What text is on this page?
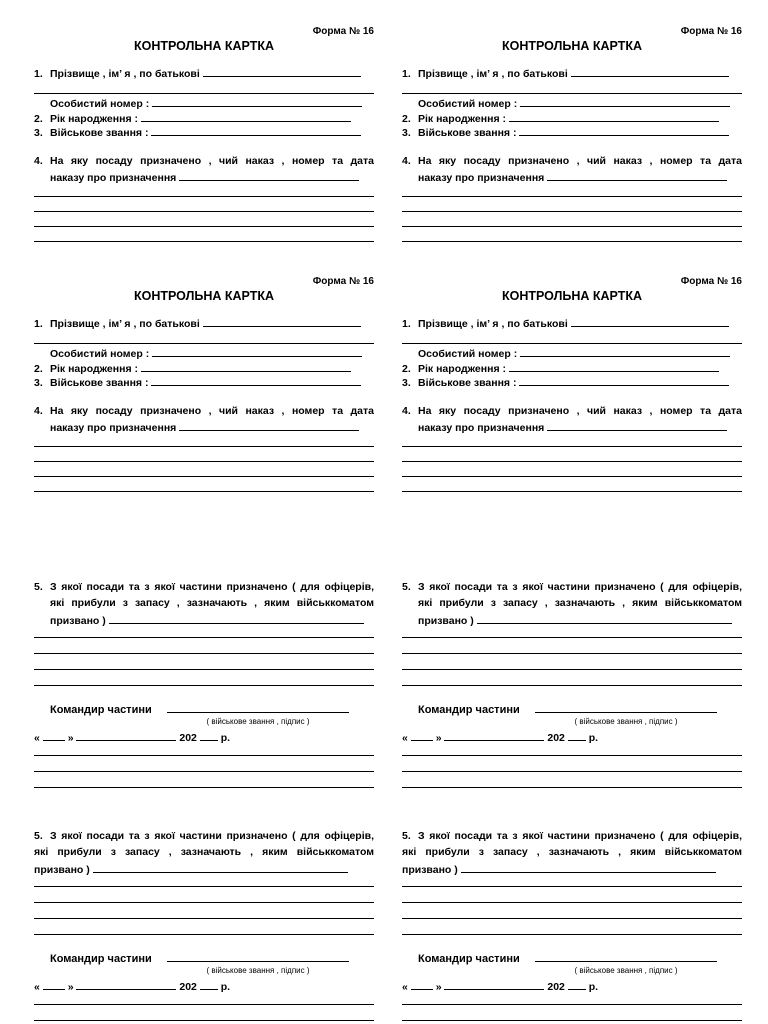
Форма № 16
КОНТРОЛЬНА КАРТКА
1. Прізвище , ім’ я , по батькові
Особистий номер :
2. Рік народження :
3. Військове звання :
4. На яку посаду призначено , чий наказ , номер та дата
наказу про призначення
Форма № 16
КОНТРОЛЬНА КАРТКА
1. Прізвище , ім’ я , по батькові
Особистий номер :
2. Рік народження :
3. Військове звання :
4. На яку посаду призначено , чий наказ , номер та дата
наказу про призначення
Форма № 16
КОНТРОЛЬНА КАРТКА
1. Прізвище , ім’ я , по батькові
Особистий номер :
2. Рік народження :
3. Військове звання :
4. На яку посаду призначено , чий наказ , номер та дата
наказу про призначення
Форма № 16
КОНТРОЛЬНА КАРТКА
1. Прізвище , ім’ я , по батькові
Особистий номер :
2. Рік народження :
3. Військове звання :
4. На яку посаду призначено , чий наказ , номер та дата
наказу про призначення
5. З якої посади та з якої частини призначено ( для офіцерів,
які прибули з запасу , зазначають , яким військкоматом
призвано )
Командир частини
( військове звання , підпис )
«	»	202 р.
5. З якої посади та з якої частини призначено ( для офіцерів,
які прибули з запасу , зазначають , яким військкоматом
призвано )
Командир частини
( військове звання , підпис )
«	»	202 р.
5. З якої посади та з якої частини призначено ( для офіцерів,
які прибули з запасу , зазначають , яким військкоматом
призвано )
Командир частини
( військове звання , підпис )
«	»	202 р.
5. З якої посади та з якої частини призначено ( для офіцерів,
які прибули з запасу , зазначають , яким військкоматом
призвано )
Командир частини
( військове звання , підпис )
«	»	202 р.
